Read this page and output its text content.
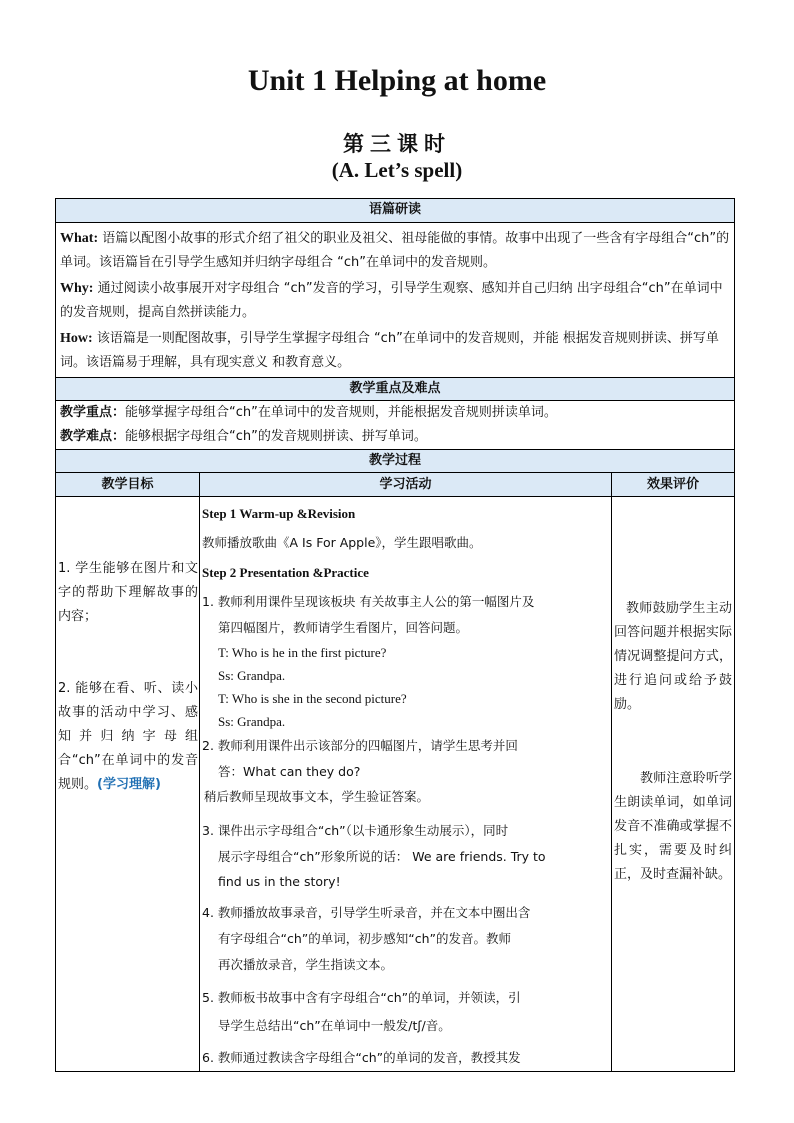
Unit 1 Helping at home
第三课时
(A. Let’s spell)
语篇研读
What: 语篇以配图小故事的形式介绍了祖父的职业及祖父、祖母能做的事情。故事中出现了一些含有字母组合“ch”的单词。该语篇旨在引导学生感知并归纳字母组合 “ch”在单词中的发音规则。
Why: 通过阅读小故事展开对字母组合 “ch”发音的学习，引导学生观察、感知并自己归纳 出字母组合“ch”在单词中的发音规则，提高自然拼读能力。
How: 该语篇是一则配图故事，引导学生掌握字母组合 “ch”在单词中的发音规则，并能 根据发音规则拼读、拼写单词。该语篇易于理解，具有现实意义 和教育意义。
教学重点及难点
教学重点：能够掌握字母组合“ch”在单词中的发音规则，并能根据发音规则拼读单词。
教学难点：能够根据字母组合“ch”的发音规则拼读、拼写单词。
教学过程
教学目标	学习活动	效果评价
1. 学生能够在图片和文字的帮助下理解故事的内容；
2. 能够在看、听、读小故事的活动中学习、感知并归纳字母组合“ch”在单词中的发音规则。(学习理解)
Step 1 Warm-up &Revision
教师播放歌曲《A Is For Apple》，学生跟唱歌曲。
Step 2 Presentation &Practice
1. 教师利用课件呈现该板块 有关故事主人公的第一幅图片及
第四幅图片，教师请学生看图片，回答问题。
T: Who is he in the first picture?
Ss: Grandpa.
T: Who is she in the second picture?
Ss: Grandpa.
2. 教师利用课件出示该部分的四幅图片，请学生思考并回
答：What can they do?
稍后教师呈现故事文本，学生验证答案。
3. 课件出示字母组合“ch”（以卡通形象生动展示），同时
展示字母组合“ch”形象所说的话： We are friends. Try to
find us in the story!
4. 教师播放故事录音，引导学生听录音，并在文本中圈出含
有字母组合“ch”的单词，初步感知“ch”的发音。教师
再次播放录音，学生指读文本。
5. 教师板书故事中含有字母组合“ch”的单词，并领读，引
导学生总结出“ch”在单词中一般发/tʃ/音。
6. 教师通过教读含字母组合“ch”的单词的发音，教授其发
教师鼓励学生主动回答问题并根据实际情况调整提问方式，进行追问或给予鼓励。
教师注意聆听学生朗读单词，如单词发音不准确或掌握不扎实，需要及时纠正，及时查漏补缺。
